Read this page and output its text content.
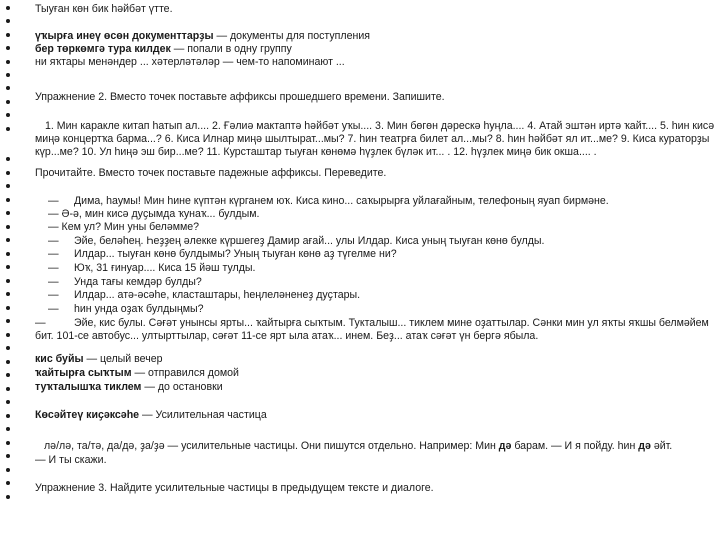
Тыуған көн бик һәйбәт үтте.
үҡырға инеү өсөн документтарҙы — документы для поступления
бер төркөмгә тура килдек — попали в одну группу
ни яҡтары менәндер ... хәтерләтәләр — чем-то напоминают ...
Упражнение 2. Вместо точек поставьте аффиксы прошедшего времени. Запишите.
1. Мин каракле китап һатып ал.... 2. Ғәлиә мактаптә һәйбәт уҡы.... 3. Мин бөгөн дәрескә һуңла.... 4. Атай эштән иртә ҡайт.... 5. һин кисә миңә концертҡа барма...? 6. Киса Илнар миңә шылтырат...мы? 7. һин театрға билет ал...мы? 8. һин һәйбәт ял ит...ме? 9. Киса кураторҙы күр...ме? 10. Ул һиңә эш бир...ме? 11. Курсташтар тыуған көнөмә һүҙлек бүләк ит... . 12. һүҙлек миңә бик окша.... .
Прочитайте. Вместо точек поставьте падежные аффиксы. Переведите.
— Дима, һаумы! Мин һине күптән күрганем юҡ. Киса кино... саҡырырға уйлағайным, телефоның яуап бирмәне.
— Ә-ә, мин кисә дуҫымда ҡунаҡ... булдым.
— Кем ул? Мин уны беләмме?
— Эйе, беләһең. Һеҙҙең әлекке күршегеҙ Дамир ағай... улы Илдар. Киса уның тыуған көнө булды.
— Илдар... тыуған көнө булдымы? Уның тыуған көнө аҙ түгелме ни?
— Юҡ, 31 ғинуар.... Киса 15 йәш тулды.
— Унда тағы кемдәр булды?
— Илдар... атә-әсәһе, класташтары, һеңлеләненеҙ дуҫтары.
— һин унда оҙаҡ булдыңмы?
—	Эйе, кис булы. Сәғәт унынсы ярты... ҡайтырға сыҡтым. Тукталыш... тиклем мине оҙаттылар. Сәнки мин ул яҡты яҡшы белмәйем бит. 101-се автобус... ултырттылар, сәғәт 11-се ярт ыла атаҡ... инем. Беҙ... атаҡ сәғәт үн бергә ябыла.
кис буйы — целый вечер
ҡайтырға сыҡтым — отправился домой
туҡталышҡа тиклем — до остановки
Көсәйтеү киҫәксәһе — Усилительная частица
лә/лә, та/тә, да/дә, ҙа/ҙә — усилительные частицы. Они пишутся отдельно. Например: Мин дә барам. — И я пойду. һин дә әйт.
— И ты скажи.
Упражнение 3. Найдите усилительные частицы в предыдущем тексте и диалоге.
